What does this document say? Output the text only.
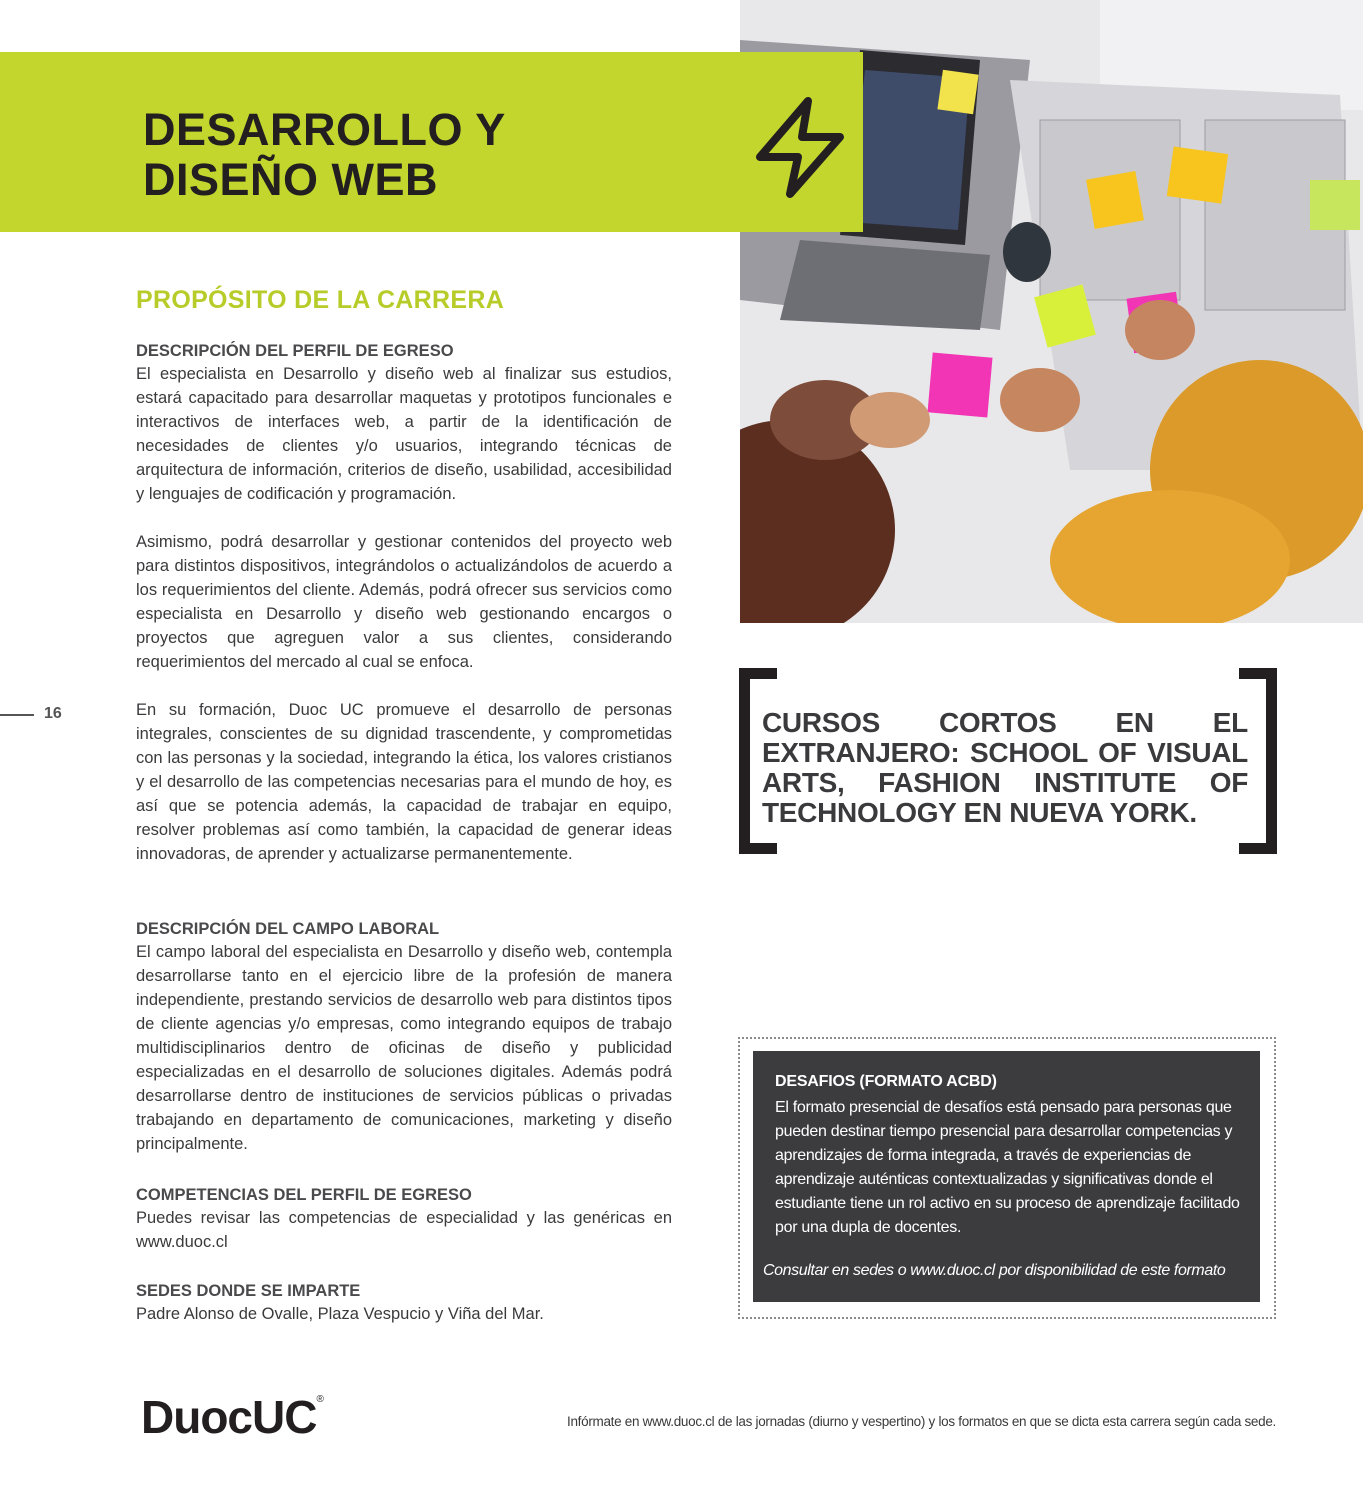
DESARROLLO Y
DISEÑO WEB
PROPÓSITO DE LA CARRERA
DESCRIPCIÓN DEL PERFIL DE EGRESO

El especialista en Desarrollo y diseño web al finalizar sus estudios, estará capacitado para desarrollar maquetas y prototipos funcionales e interactivos de interfaces web, a partir de la identificación de necesidades de clientes y/o usuarios, integrando técnicas de arquitectura de información, criterios de diseño, usabilidad, accesibilidad y lenguajes de codificación y programación.

Asimismo, podrá desarrollar y gestionar contenidos del proyecto web para distintos dispositivos, integrándolos o actualizándolos de acuerdo a los requerimientos del cliente. Además, podrá ofrecer sus servicios como especialista en Desarrollo y diseño web gestionando encargos o proyectos que agreguen valor a sus clientes, considerando requerimientos del mercado al cual se enfoca.

En su formación, Duoc UC promueve el desarrollo de personas integrales, conscientes de su dignidad trascendente, y comprometidas con las personas y la sociedad, integrando la ética, los valores cristianos y el desarrollo de las competencias necesarias para el mundo de hoy, es así que se potencia además, la capacidad de trabajar en equipo, resolver problemas así como también, la capacidad de generar ideas innovadoras, de aprender y actualizarse permanentemente.

16
DESCRIPCIÓN DEL CAMPO LABORAL

El campo laboral del especialista en Desarrollo y diseño web, contempla desarrollarse tanto en el ejercicio libre de la profesión de manera independiente, prestando servicios de desarrollo web para distintos tipos de cliente agencias y/o empresas, como integrando equipos de trabajo multidisciplinarios dentro de oficinas de diseño y publicidad especializadas en el desarrollo de soluciones digitales. Además podrá desarrollarse dentro de instituciones de servicios públicas o privadas trabajando en departamento de comunicaciones, marketing y diseño principalmente.

COMPETENCIAS DEL PERFIL DE EGRESO

Puedes revisar las competencias de especialidad y las genéricas en www.duoc.cl

SEDES DONDE SE IMPARTE

Padre Alonso de Ovalle, Plaza Vespucio y Viña del Mar.

CURSOS CORTOS EN EL EXTRANJERO: SCHOOL OF VISUAL ARTS, FASHION INSTITUTE OF TECHNOLOGY EN NUEVA YORK.
DESAFIOS (FORMATO ACBD)
El formato presencial de desafíos está pensado para personas que pueden destinar tiempo presencial para desarrollar competencias y aprendizajes de forma integrada, a través de experiencias de aprendizaje auténticas contextualizadas y significativas donde el estudiante tiene un rol activo en su proceso de aprendizaje facilitado por una dupla de docentes.
Consultar en sedes o www.duoc.cl por disponibilidad de este formato
DuocUC®
Infórmate en www.duoc.cl de las jornadas (diurno y vespertino) y los formatos en que se dicta esta carrera según cada sede.
